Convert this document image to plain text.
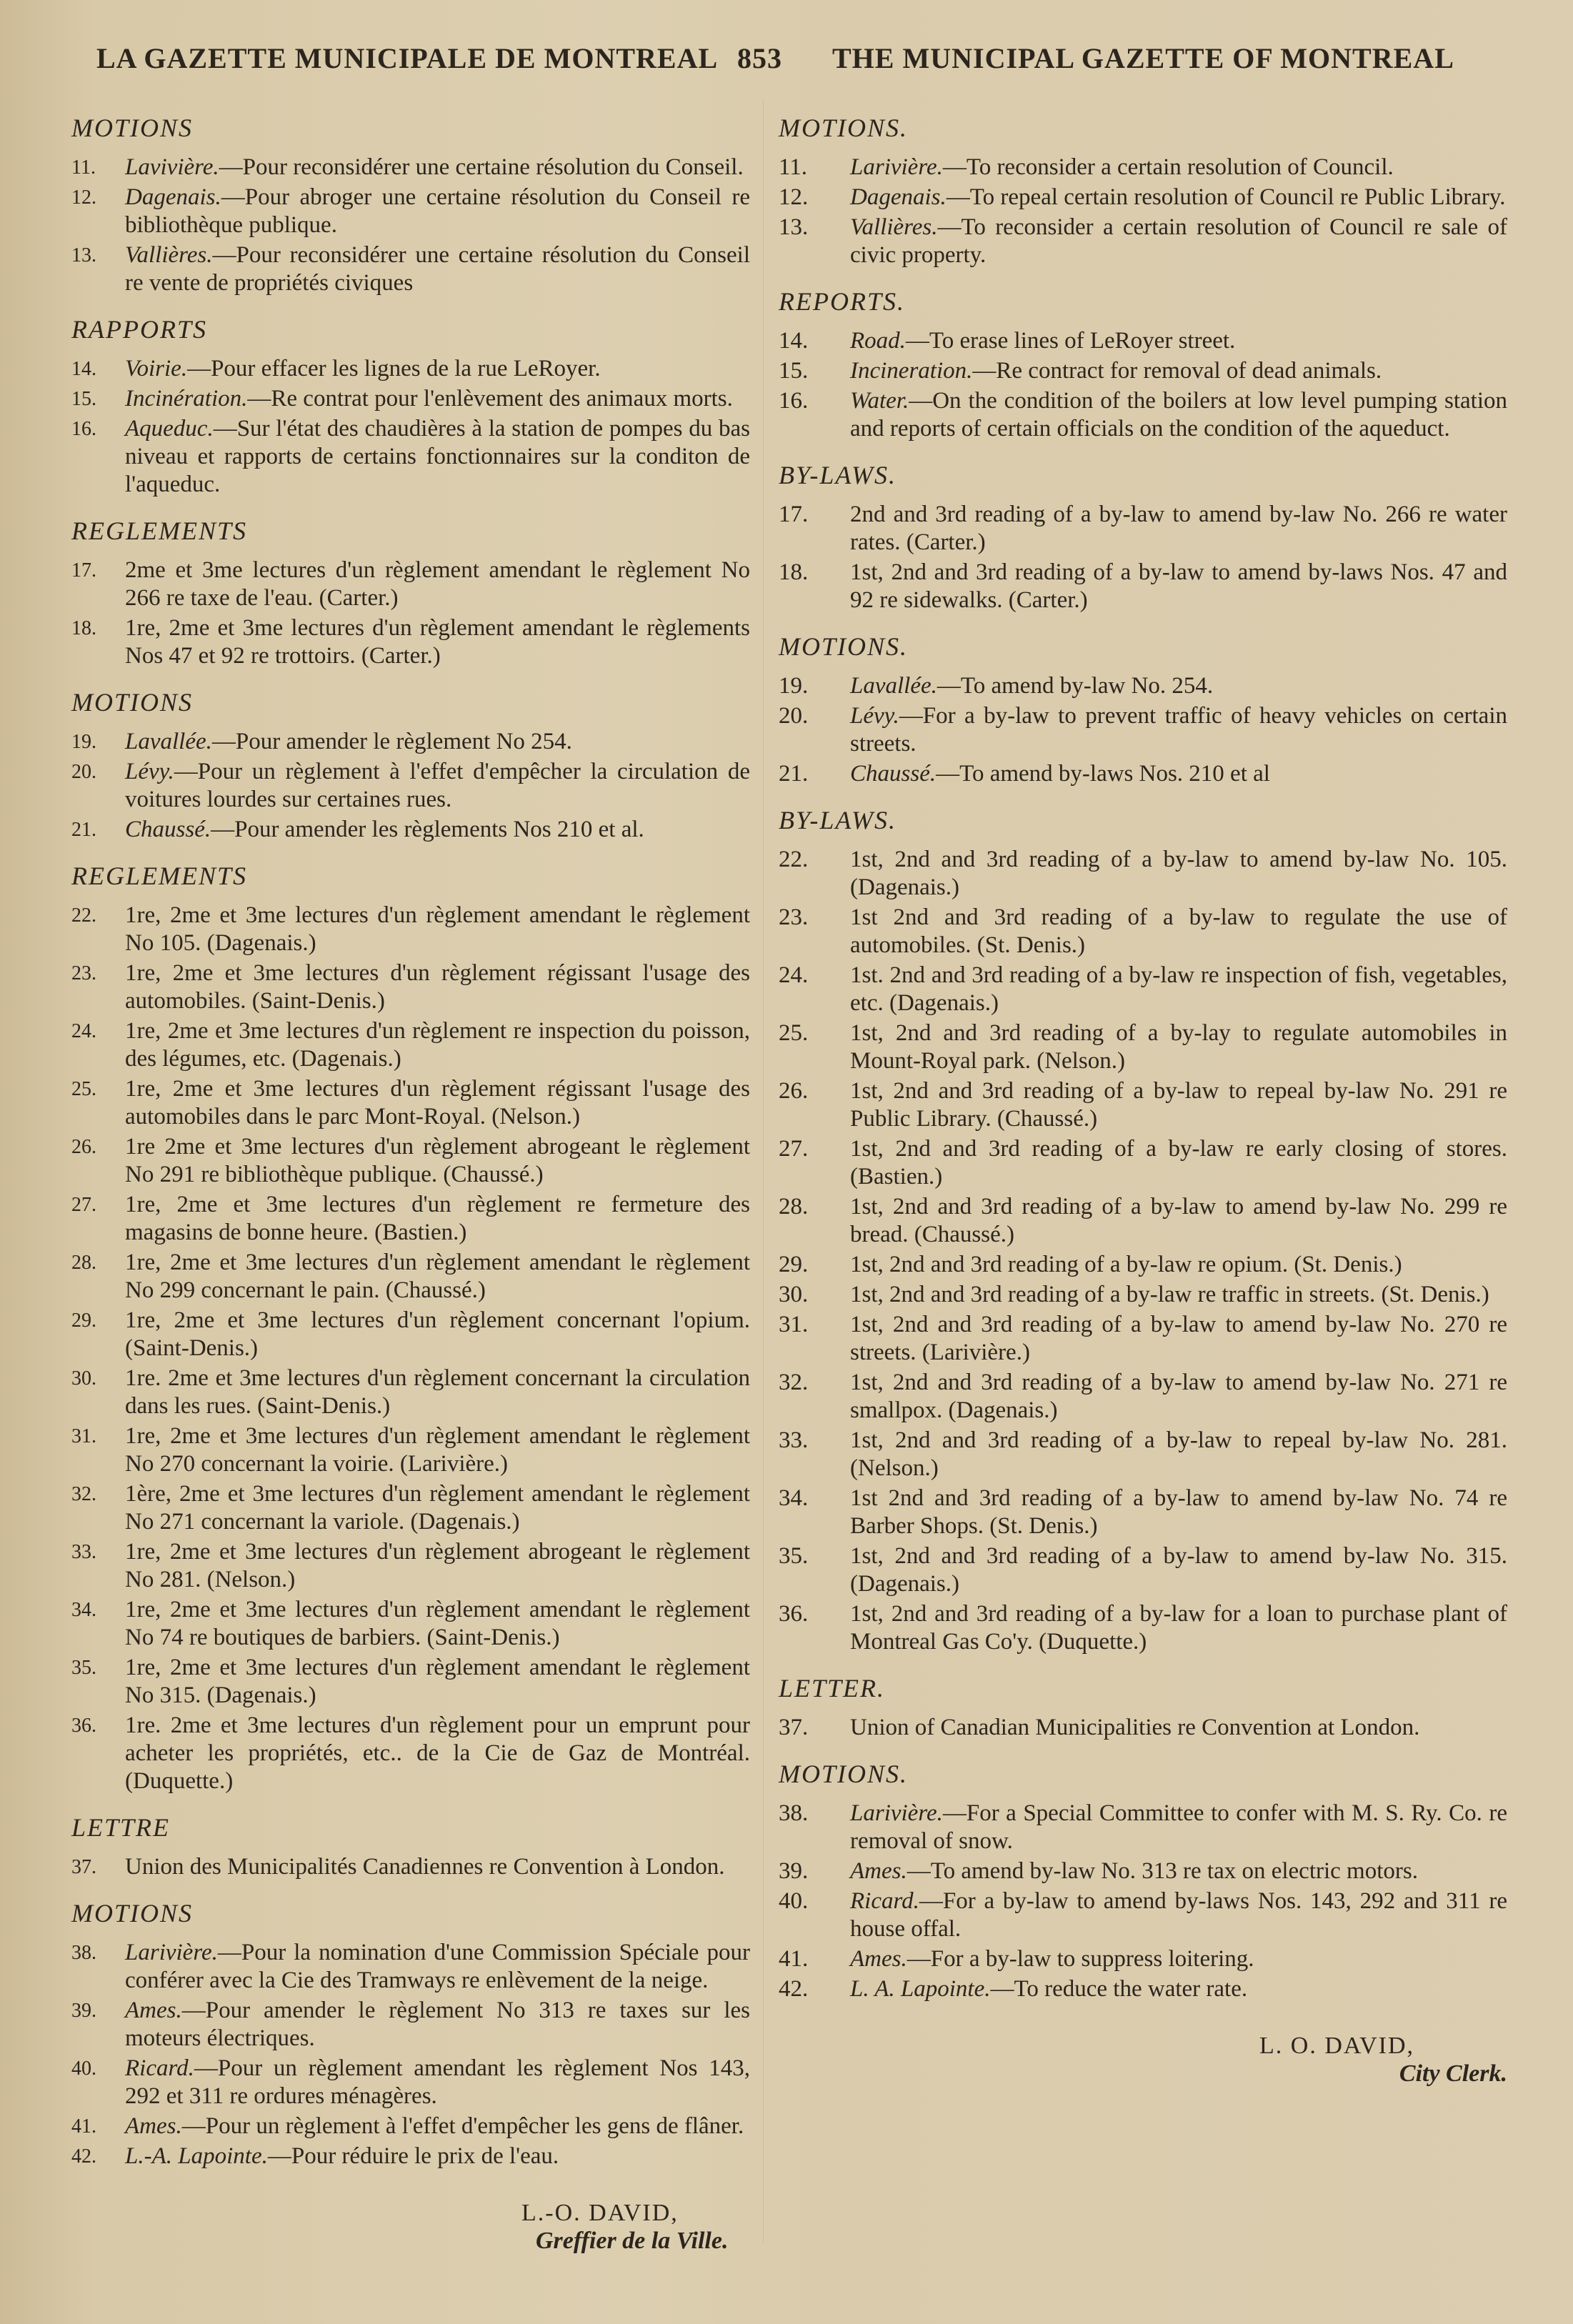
LA GAZETTE MUNICIPALE DE MONTREAL 853 THE MUNICIPAL GAZETTE OF MONTREAL
MOTIONS
11.	Lavivière.—Pour reconsidérer une certaine résolution du Conseil.
12.	Dagenais.—Pour abroger une certaine résolution du Conseil re bibliothèque publique.
13.	Vallières.—Pour reconsidérer une certaine résolution du Conseil re vente de propriétés civiques
RAPPORTS
14.	Voirie.—Pour effacer les lignes de la rue LeRoyer.
15.	Incinération.—Re contrat pour l'enlèvement des animaux morts.
16.	Aqueduc.—Sur l'état des chaudières à la station de pompes du bas niveau et rapports de certains fonctionnaires sur la conditon de l'aqueduc.
REGLEMENTS
17.	2me et 3me lectures d'un règlement amendant le règlement No 266 re taxe de l'eau. (Carter.)
18.	1re, 2me et 3me lectures d'un règlement amendant le règlements Nos 47 et 92 re trottoirs. (Carter.)
MOTIONS
19.	Lavallée.—Pour amender le règlement No 254.
20.	Lévy.—Pour un règlement à l'effet d'empêcher la circulation de voitures lourdes sur certaines rues.
21.	Chaussé.—Pour amender les règlements Nos 210 et al.
REGLEMENTS
22.	1re, 2me et 3me lectures d'un règlement amendant le règlement No 105. (Dagenais.)
23.	1re, 2me et 3me lectures d'un règlement régissant l'usage des automobiles. (Saint-Denis.)
24.	1re, 2me et 3me lectures d'un règlement re inspection du poisson, des légumes, etc. (Dagenais.)
25.	1re, 2me et 3me lectures d'un règlement régissant l'usage des automobiles dans le parc Mont-Royal. (Nelson.)
26.	1re 2me et 3me lectures d'un règlement abrogeant le règlement No 291 re bibliothèque publique. (Chaussé.)
27.	1re, 2me et 3me lectures d'un règlement re fermeture des magasins de bonne heure. (Bastien.)
28.	1re, 2me et 3me lectures d'un règlement amendant le règlement No 299 concernant le pain. (Chaussé.)
29.	1re, 2me et 3me lectures d'un règlement concernant l'opium. (Saint-Denis.)
30.	1re. 2me et 3me lectures d'un règlement concernant la circulation dans les rues. (Saint-Denis.)
31.	1re, 2me et 3me lectures d'un règlement amendant le règlement No 270 concernant la voirie. (Larivière.)
32.	1ère, 2me et 3me lectures d'un règlement amendant le règlement No 271 concernant la variole. (Dagenais.)
33.	1re, 2me et 3me lectures d'un règlement abrogeant le règlement No 281. (Nelson.)
34.	1re, 2me et 3me lectures d'un règlement amendant le règlement No 74 re boutiques de barbiers. (Saint-Denis.)
35.	1re, 2me et 3me lectures d'un règlement amendant le règlement No 315. (Dagenais.)
36.	1re. 2me et 3me lectures d'un règlement pour un emprunt pour acheter les propriétés, etc.. de la Cie de Gaz de Montréal. (Duquette.)
LETTRE
37.	Union des Municipalités Canadiennes re Convention à London.
MOTIONS
38.	Larivière.—Pour la nomination d'une Commission Spéciale pour conférer avec la Cie des Tramways re enlèvement de la neige.
39.	Ames.—Pour amender le règlement No 313 re taxes sur les moteurs électriques.
40.	Ricard.—Pour un règlement amendant les règlement Nos 143, 292 et 311 re ordures ménagères.
41.	Ames.—Pour un règlement à l'effet d'empêcher les gens de flâner.
42.	L.-A. Lapointe.—Pour réduire le prix de l'eau.
L.-O. DAVID,
Greffier de la Ville.
MOTIONS.
11.	Larivière.—To reconsider a certain resolution of Council.
12.	Dagenais.—To repeal certain resolution of Council re Public Library.
13.	Vallières.—To reconsider a certain resolution of Council re sale of civic property.
REPORTS.
14.	Road.—To erase lines of LeRoyer street.
15.	Incineration.—Re contract for removal of dead animals.
16.	Water.—On the condition of the boilers at low level pumping station and reports of certain officials on the condition of the aqueduct.
BY-LAWS.
17.	2nd and 3rd reading of a by-law to amend by-law No. 266 re water rates. (Carter.)
18.	1st, 2nd and 3rd reading of a by-law to amend by-laws Nos. 47 and 92 re sidewalks. (Carter.)
MOTIONS.
19.	Lavallée.—To amend by-law No. 254.
20.	Lévy.—For a by-law to prevent traffic of heavy vehicles on certain streets.
21.	Chaussé.—To amend by-laws Nos. 210 et al
BY-LAWS.
22.	1st, 2nd and 3rd reading of a by-law to amend by-law No. 105. (Dagenais.)
23.	1st 2nd and 3rd reading of a by-law to regulate the use of automobiles. (St. Denis.)
24.	1st. 2nd and 3rd reading of a by-law re inspection of fish, vegetables, etc. (Dagenais.)
25.	1st, 2nd and 3rd reading of a by-lay to regulate automobiles in Mount-Royal park. (Nelson.)
26.	1st, 2nd and 3rd reading of a by-law to repeal by-law No. 291 re Public Library. (Chaussé.)
27.	1st, 2nd and 3rd reading of a by-law re early closing of stores. (Bastien.)
28.	1st, 2nd and 3rd reading of a by-law to amend by-law No. 299 re bread. (Chaussé.)
29.	1st, 2nd and 3rd reading of a by-law re opium. (St. Denis.)
30.	1st, 2nd and 3rd reading of a by-law re traffic in streets. (St. Denis.)
31.	1st, 2nd and 3rd reading of a by-law to amend by-law No. 270 re streets. (Larivière.)
32.	1st, 2nd and 3rd reading of a by-law to amend by-law No. 271 re smallpox. (Dagenais.)
33.	1st, 2nd and 3rd reading of a by-law to repeal by-law No. 281. (Nelson.)
34.	1st 2nd and 3rd reading of a by-law to amend by-law No. 74 re Barber Shops. (St. Denis.)
35.	1st, 2nd and 3rd reading of a by-law to amend by-law No. 315. (Dagenais.)
36.	1st, 2nd and 3rd reading of a by-law for a loan to purchase plant of Montreal Gas Co'y. (Duquette.)
LETTER.
37.	Union of Canadian Municipalities re Convention at London.
MOTIONS.
38.	Larivière.—For a Special Committee to confer with M. S. Ry. Co. re removal of snow.
39.	Ames.—To amend by-law No. 313 re tax on electric motors.
40.	Ricard.—For a by-law to amend by-laws Nos. 143, 292 and 311 re house offal.
41.	Ames.—For a by-law to suppress loitering.
42.	L. A. Lapointe.—To reduce the water rate.
L. O. DAVID,
City Clerk.
